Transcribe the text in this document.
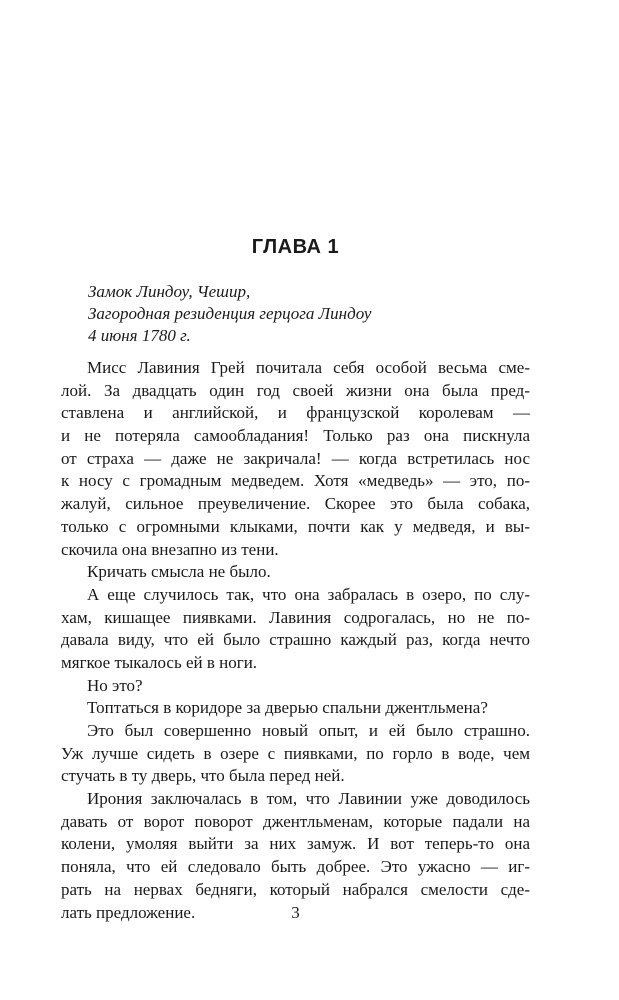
ГЛАВА 1
Замок Линдоу, Чешир,
Загородная резиденция герцога Линдоу
4 июня 1780 г.
Мисс Лавиния Грей почитала себя особой весьма сме-
лой. За двадцать один год своей жизни она была пред-
ставлена и английской, и французской королевам —
и не потеряла самообладания! Только раз она пискнула
от страха — даже не закричала! — когда встретилась нос
к носу с громадным медведем. Хотя «медведь» — это, по-
жалуй, сильное преувеличение. Скорее это была собака,
только с огромными клыками, почти как у медведя, и вы-
скочила она внезапно из тени.
Кричать смысла не было.
А еще случилось так, что она забралась в озеро, по слу-
хам, кишащее пиявками. Лавиния содрогалась, но не по-
давала виду, что ей было страшно каждый раз, когда нечто
мягкое тыкалось ей в ноги.
Но это?
Топтаться в коридоре за дверью спальни джентльмена?
Это был совершенно новый опыт, и ей было страшно.
Уж лучше сидеть в озере с пиявками, по горло в воде, чем
стучать в ту дверь, что была перед ней.
Ирония заключалась в том, что Лавинии уже доводилось
давать от ворот поворот джентльменам, которые падали на
колени, умоляя выйти за них замуж. И вот теперь-то она
поняла, что ей следовало быть добрее. Это ужасно — иг-
рать на нервах бедняги, который набрался смелости сде-
лать предложение.	3
